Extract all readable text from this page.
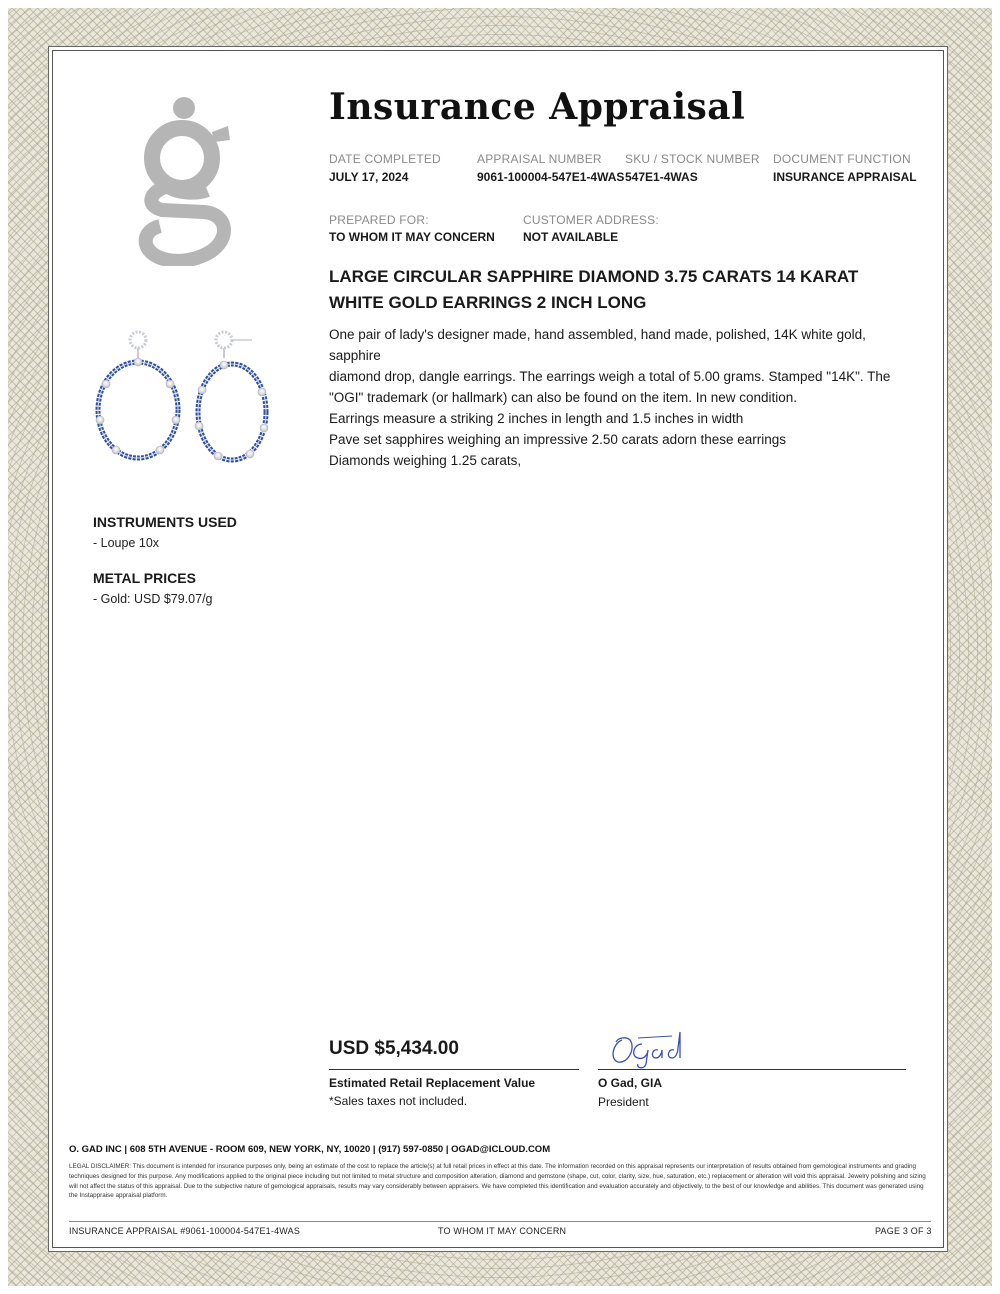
Insurance Appraisal
DATE COMPLETED
JULY 17, 2024
APPRAISAL NUMBER
9061-100004-547E1-4WAS
SKU / STOCK NUMBER
547E1-4WAS
DOCUMENT FUNCTION
INSURANCE APPRAISAL
PREPARED FOR:
TO WHOM IT MAY CONCERN
CUSTOMER ADDRESS:
NOT AVAILABLE
LARGE CIRCULAR SAPPHIRE DIAMOND 3.75 CARATS 14 KARAT
WHITE GOLD EARRINGS 2 INCH LONG

One pair of lady's designer made, hand assembled, hand made, polished, 14K white gold, sapphire

diamond drop, dangle earrings. The earrings weigh a total of 5.00 grams. Stamped "14K". The

"OGI" trademark (or hallmark) can also be found on the item. In new condition.

Earrings measure a striking 2 inches in length and 1.5 inches in width

Pave set sapphires weighing an impressive 2.50 carats adorn these earrings

Diamonds weighing 1.25 carats,

INSTRUMENTS USED
- Loupe 10x
METAL PRICES
- Gold: USD $79.07/g
USD $5,434.00
Estimated Retail Replacement Value
*Sales taxes not included.
O Gad, GIA
President
O. GAD INC | 608 5TH AVENUE - ROOM 609, NEW YORK, NY, 10020 | (917) 597-0850 | OGAD@ICLOUD.COM
LEGAL DISCLAIMER: This document is intended for insurance purposes only, being an estimate of the cost to replace the article(s) at full retail prices in effect at this date. The information recorded on this appraisal represents our interpretation of results obtained from gemological instruments and grading techniques designed for this purpose. Any modifications applied to the original piece including but not limited to metal structure and composition alteration, diamond and gemstone (shape, cut, color, clarity, size, hue, saturation, etc.) replacement or alteration will void this appraisal. Jewelry polishing and sizing will not affect the status of this appraisal. Due to the subjective nature of gemological appraisals, results may vary considerably between appraisers. We have completed this identification and evaluation accurately and objectively, to the best of our knowledge and abilities. This document was generated using the Instappraise appraisal platform.
INSURANCE APPRAISAL #9061-100004-547E1-4WAS	TO WHOM IT MAY CONCERN	PAGE 3 OF 3
